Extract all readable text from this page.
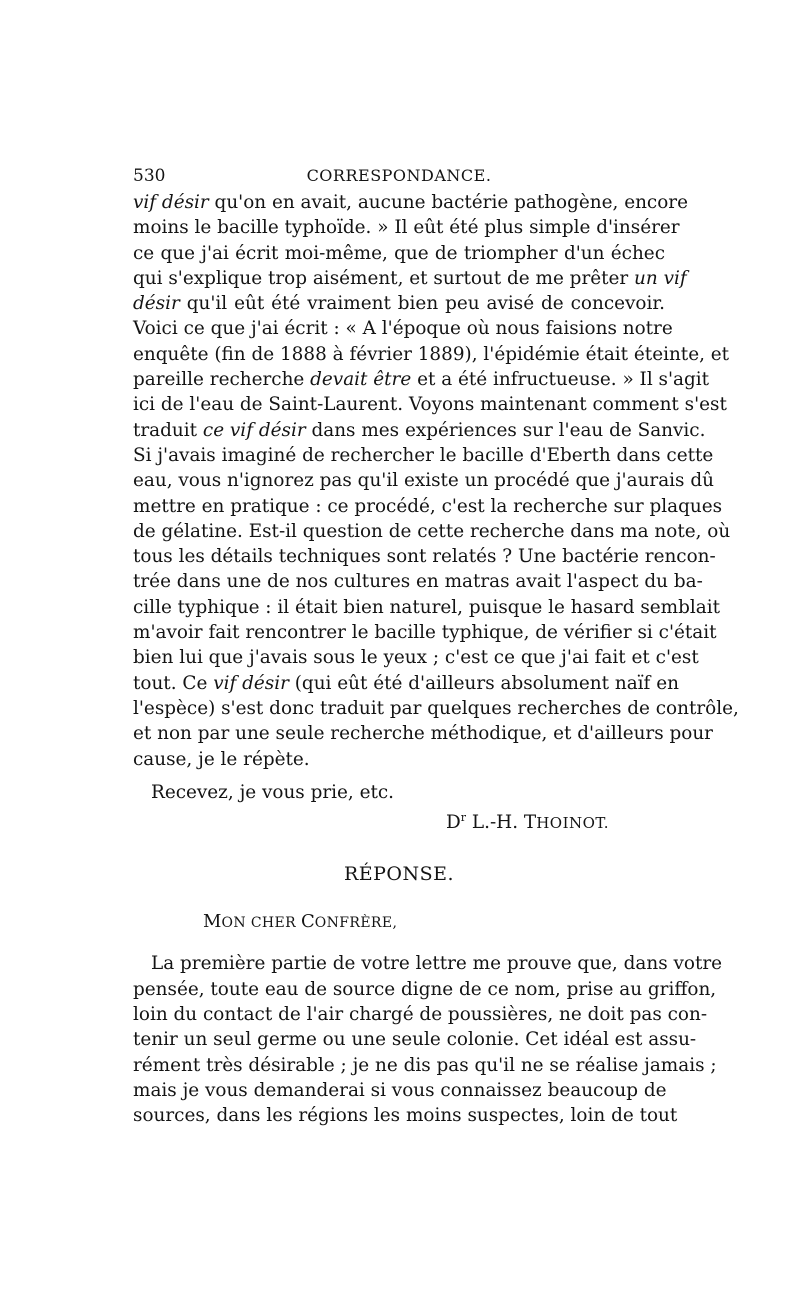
530	CORRESPONDANCE.
vif désir qu'on en avait, aucune bactérie pathogène, encore
moins le bacille typhoïde. » Il eût été plus simple d'insérer
ce que j'ai écrit moi-même, que de triompher d'un échec
qui s'explique trop aisément, et surtout de me prêter un vif
désir qu'il eût été vraiment bien peu avisé de concevoir.
Voici ce que j'ai écrit : « A l'époque où nous faisions notre
enquête (fin de 1888 à février 1889), l'épidémie était éteinte, et
pareille recherche devait être et a été infructueuse. » Il s'agit
ici de l'eau de Saint-Laurent. Voyons maintenant comment s'est
traduit ce vif désir dans mes expériences sur l'eau de Sanvic.
Si j'avais imaginé de rechercher le bacille d'Eberth dans cette
eau, vous n'ignorez pas qu'il existe un procédé que j'aurais dû
mettre en pratique : ce procédé, c'est la recherche sur plaques
de gélatine. Est-il question de cette recherche dans ma note, où
tous les détails techniques sont relatés ? Une bactérie rencon-
trée dans une de nos cultures en matras avait l'aspect du ba-
cille typhique : il était bien naturel, puisque le hasard semblait
m'avoir fait rencontrer le bacille typhique, de vérifier si c'était
bien lui que j'avais sous le yeux ; c'est ce que j'ai fait et c'est
tout. Ce vif désir (qui eût été d'ailleurs absolument naïf en
l'espèce) s'est donc traduit par quelques recherches de contrôle,
et non par une seule recherche méthodique, et d'ailleurs pour
cause, je le répète.
Recevez, je vous prie, etc.
$D^r$ L.-H. THOINOT.
RÉPONSE.
MON CHER CONFRÈRE,
La première partie de votre lettre me prouve que, dans votre
pensée, toute eau de source digne de ce nom, prise au griffon,
loin du contact de l'air chargé de poussières, ne doit pas con-
tenir un seul germe ou une seule colonie. Cet idéal est assu-
rément très désirable ; je ne dis pas qu'il ne se réalise jamais ;
mais je vous demanderai si vous connaissez beaucoup de
sources, dans les régions les moins suspectes, loin de tout
